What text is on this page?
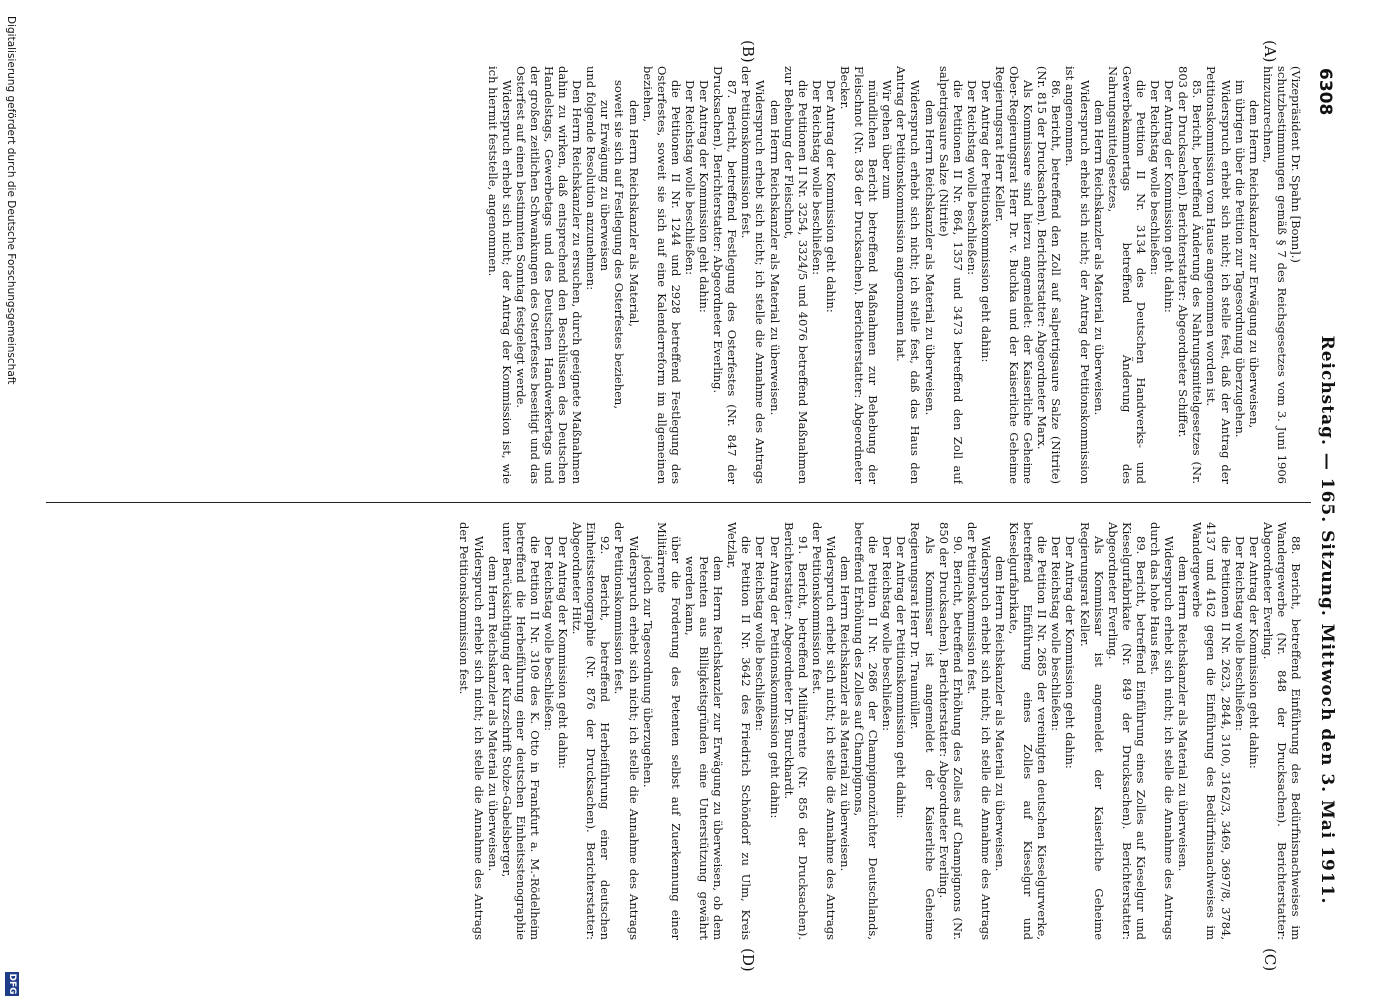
6308
Reichstag. — 165. Sitzung. Mittwoch den 3. Mai 1911.
(A)
(B)
(C)
(D)

(Vizepräsident Dr. Spahn [Bonn].)

schutzbestimmungen gemäß § 7 des Reichsgesetzes vom 3. Juni 1906 hinzuzurechnen,

dem Herrn Reichskanzler zur Erwägung zu überweisen,

im übrigen über die Petition zur Tagesordnung überzugehen.

Widerspruch erhebt sich nicht; ich stelle fest, daß der Antrag der Petitionskommission vom Hause angenommen worden ist.

85. Bericht, betreffend Änderung des Nahrungsmittelgesetzes (Nr. 803 der Drucksachen). Berichterstatter: Abgeordneter Schiffer.

Der Antrag der Kommission geht dahin:

Der Reichstag wolle beschließen:

die Petition II Nr. 3134 des Deutschen Handwerks- und Gewerbekammertags betreffend Änderung des Nahrungsmittelgesetzes,

dem Herrn Reichskanzler als Material zu überweisen.

Widerspruch erhebt sich nicht; der Antrag der Petitionskommission ist angenommen.

86. Bericht, betreffend den Zoll auf salpetrigsaure Salze (Nitrite) (Nr. 815 der Drucksachen). Berichterstatter: Abgeordneter Marx.

Als Kommissare sind hierzu angemeldet: der Kaiserliche Geheime Ober-Regierungsrat Herr Dr. v. Buchka und der Kaiserliche Geheime Regierungsrat Herr Keller.

Der Antrag der Petitionskommission geht dahin:

Der Reichstag wolle beschließen:

die Petitionen II Nr. 864, 1357 und 3473 betreffend den Zoll auf salpetrigsaure Salze (Nitrite)

dem Herrn Reichskanzler als Material zu überweisen.

Widerspruch erhebt sich nicht; ich stelle fest, daß das Haus den Antrag der Petitionskommission angenommen hat.

Wir gehen über zum

mündlichen Bericht betreffend Maßnahmen zur Behebung der Fleischnot (Nr. 836 der Drucksachen). Berichterstatter: Abgeordneter Becker.

Der Antrag der Kommission geht dahin:

Der Reichstag wolle beschließen:

die Petitionen II Nr. 3254, 3324/5 und 4076 betreffend Maßnahmen zur Behebung der Fleischnot,

dem Herrn Reichskanzler als Material zu überweisen.

Widerspruch erhebt sich nicht; ich stelle die Annahme des Antrags der Petitionskommission fest.

87. Bericht, betreffend Festlegung des Osterfestes (Nr. 847 der Drucksachen). Berichterstatter: Abgeordneter Everling.

Der Antrag der Kommission geht dahin:

Der Reichstag wolle beschließen:

die Petitionen II Nr. 1244 und 2928 betreffend Festlegung des Osterfestes, soweit sie sich auf eine Kalenderreform im allgemeinen beziehen,

dem Herrn Reichskanzler als Material,

soweit sie sich auf Festlegung des Osterfestes beziehen,

zur Erwägung zu überweisen

und folgende Resolution anzunehmen:

Den Herrn Reichskanzler zu ersuchen, durch geeignete Maßnahmen dahin zu wirken, daß entsprechend den Beschlüssen des Deutschen Handelstags, Gewerbetags und des Deutschen Handwerkertags und der großen zeitlichen Schwankungen des Osterfestes beseitigt und das Osterfest auf einen bestimmten Sonntag festgelegt werde.

Widerspruch erhebt sich nicht; der Antrag der Kommission ist, wie ich hiermit feststelle, angenommen.

88. Bericht, betreffend Einführung des Bedürfnisnachweises im Wandergewerbe (Nr. 848 der Drucksachen). Berichterstatter: Abgeordneter Everling.

Der Antrag der Kommission geht dahin:

Der Reichstag wolle beschließen:

die Petitionen II Nr. 2623, 2844, 3100, 3162/3, 3469, 3697/8, 3784, 4137 und 4162 gegen die Einführung des Bedürfnisnachweises im Wandergewerbe

dem Herrn Reichskanzler als Material zu überweisen.

Widerspruch erhebt sich nicht; ich stelle die Annahme des Antrags durch das hohe Haus fest.

89. Bericht, betreffend Einführung eines Zolles auf Kieselgur und Kieselgurfabrikate (Nr. 849 der Drucksachen). Berichterstatter: Abgeordneter Everling.

Als Kommissar ist angemeldet der Kaiserliche Geheime Regierungsrat Keller.

Der Antrag der Kommission geht dahin:

Der Reichstag wolle beschließen:

die Petition II Nr. 2685 der vereinigten deutschen Kieselgurwerke, betreffend Einführung eines Zolles auf Kieselgur und Kieselgurfabrikate,

dem Herrn Reichskanzler als Material zu überweisen.

Widerspruch erhebt sich nicht; ich stelle die Annahme des Antrags der Petitionskommission fest.

90. Bericht, betreffend Erhöhung des Zolles auf Champignons (Nr. 850 der Drucksachen). Berichterstatter: Abgeordneter Everling.

Als Kommissar ist angemeldet der Kaiserliche Geheime Regierungsrat Herr Dr. Traumüller.

Der Antrag der Petitionskommission geht dahin:

Der Reichstag wolle beschließen:

die Petition II Nr. 2686 der Champignonzüchter Deutschlands, betreffend Erhöhung des Zolles auf Champignons,

dem Herrn Reichskanzler als Material zu überweisen.

Widerspruch erhebt sich nicht; ich stelle die Annahme des Antrags der Petitionskommission fest.

91. Bericht, betreffend Militärrente (Nr. 856 der Drucksachen). Berichterstatter: Abgeordneter Dr. Burckhardt.

Der Antrag der Petitionskommission geht dahin:

Der Reichstag wolle beschließen:

die Petition II Nr. 3642 des Friedrich Schöndorf zu Ulm, Kreis Wetzlar,

dem Herrn Reichskanzler zur Erwägung zu überweisen, ob dem Petenten aus Billigkeitsgründen eine Unterstützung gewährt werden kann,

über die Forderung des Petenten selbst auf Zuerkennung einer Militärrente

jedoch zur Tagesordnung überzugehen.

Widerspruch erhebt sich nicht; ich stelle die Annahme des Antrags der Petitionskommission fest.

92. Bericht, betreffend Herbeiführung einer deutschen Einheitsstenographie (Nr. 876 der Drucksachen). Berichterstatter: Abgeordneter Hitz.

Der Antrag der Kommission geht dahin:

Der Reichstag wolle beschließen:

die Petition II Nr. 3109 des K. Otto in Frankfurt a. M.-Rödelheim betreffend die Herbeiführung einer deutschen Einheitsstenographie unter Berücksichtigung der Kurzschrift Stolze-Gabelsberger,

dem Herrn Reichskanzler als Material zu überweisen.

Widerspruch erhebt sich nicht; ich stelle die Annahme des Antrags der Petitionskommission fest.

Digitalisierung gefördert durch die Deutsche Forschungsgemeinschaft
DFG
